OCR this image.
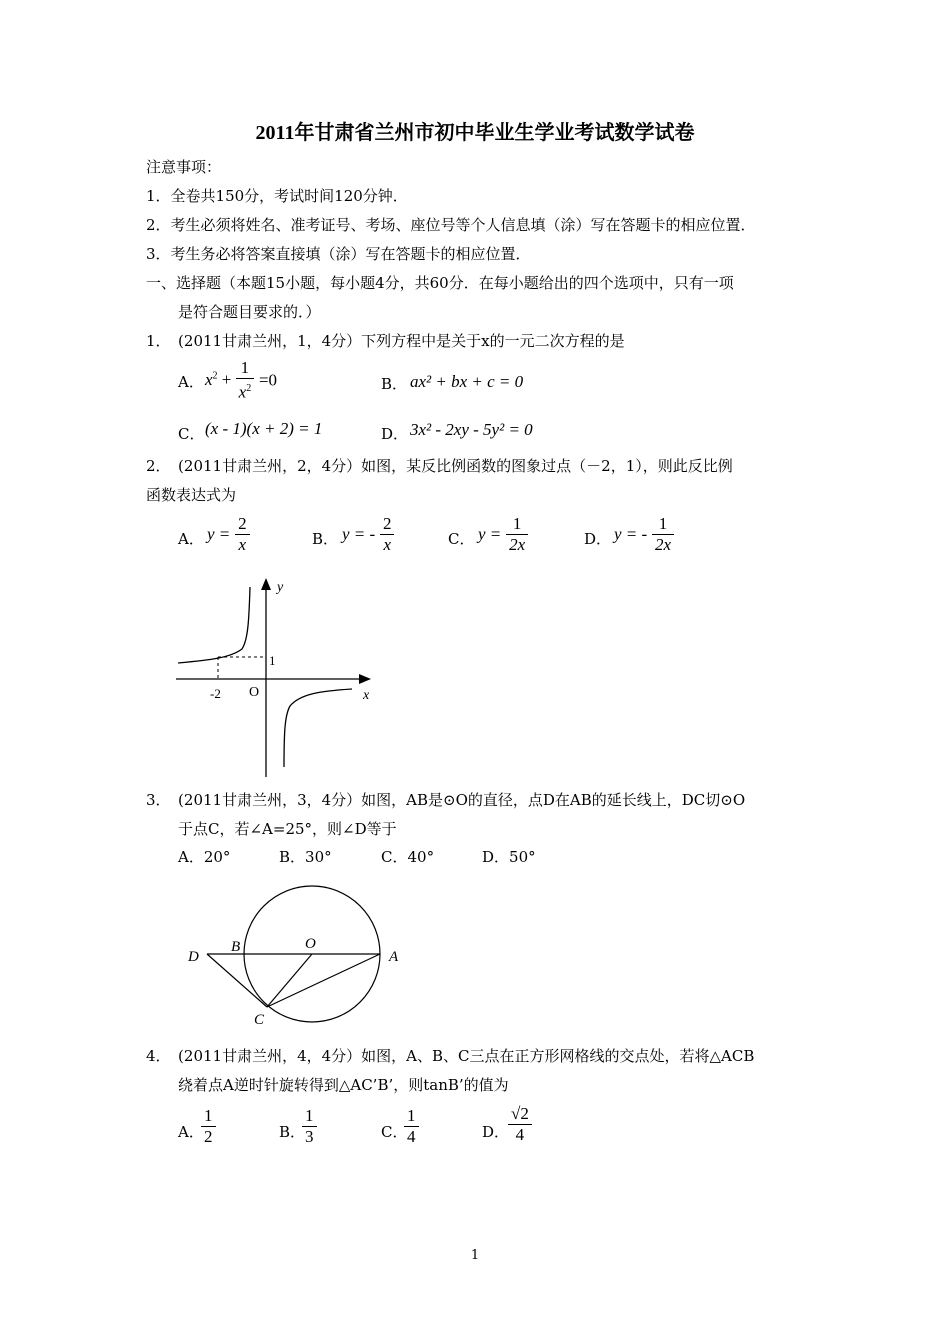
2011年甘肃省兰州市初中毕业生学业考试数学试卷
注意事项：
1．全卷共150分，考试时间120分钟．
2．考生必须将姓名、准考证号、考场、座位号等个人信息填（涂）写在答题卡的相应位置．
3．考生务必将答案直接填（涂）写在答题卡的相应位置．
一、选择题（本题15小题，每小题4分，共60分．在每小题给出的四个选项中，只有一项
是符合题目要求的．）
1．　(2011甘肃兰州，1，4分）下列方程中是关于x的一元二次方程的是
A． $x^2 + \frac{1}{x^2} =0$	B． ax² + bx + c = 0
C． (x - 1)(x + 2) = 1	D． 3x² - 2xy - 5y² = 0
2．　(2011甘肃兰州，2，4分）如图，某反比例函数的图象过点（－2，1），则此反比例
函数表达式为
A． $y = \frac{2}{x}$	B． y = - $\frac{2}{x}$	C． $y = \frac{1}{2x}$	D． y = - $\frac{1}{2x}$
y
x
O
-2
1
3．　(2011甘肃兰州，3，4分）如图，AB是⊙O的直径，点D在AB的延长线上，DC切⊙O
于点C，若∠A=25°，则∠D等于
A．20°	B．30°	C．40°	D．50°
D
B	O
A
C
4．　(2011甘肃兰州，4，4分）如图，A、B、C三点在正方形网格线的交点处，若将△ACB
绕着点A逆时针旋转得到△AC’B’，则tanB’的值为
A．
$\frac{1}{2}$	B．
$\frac{1}{3}$	C．
$\frac{1}{4}$	D．
$\frac{√2}{4}$
1
